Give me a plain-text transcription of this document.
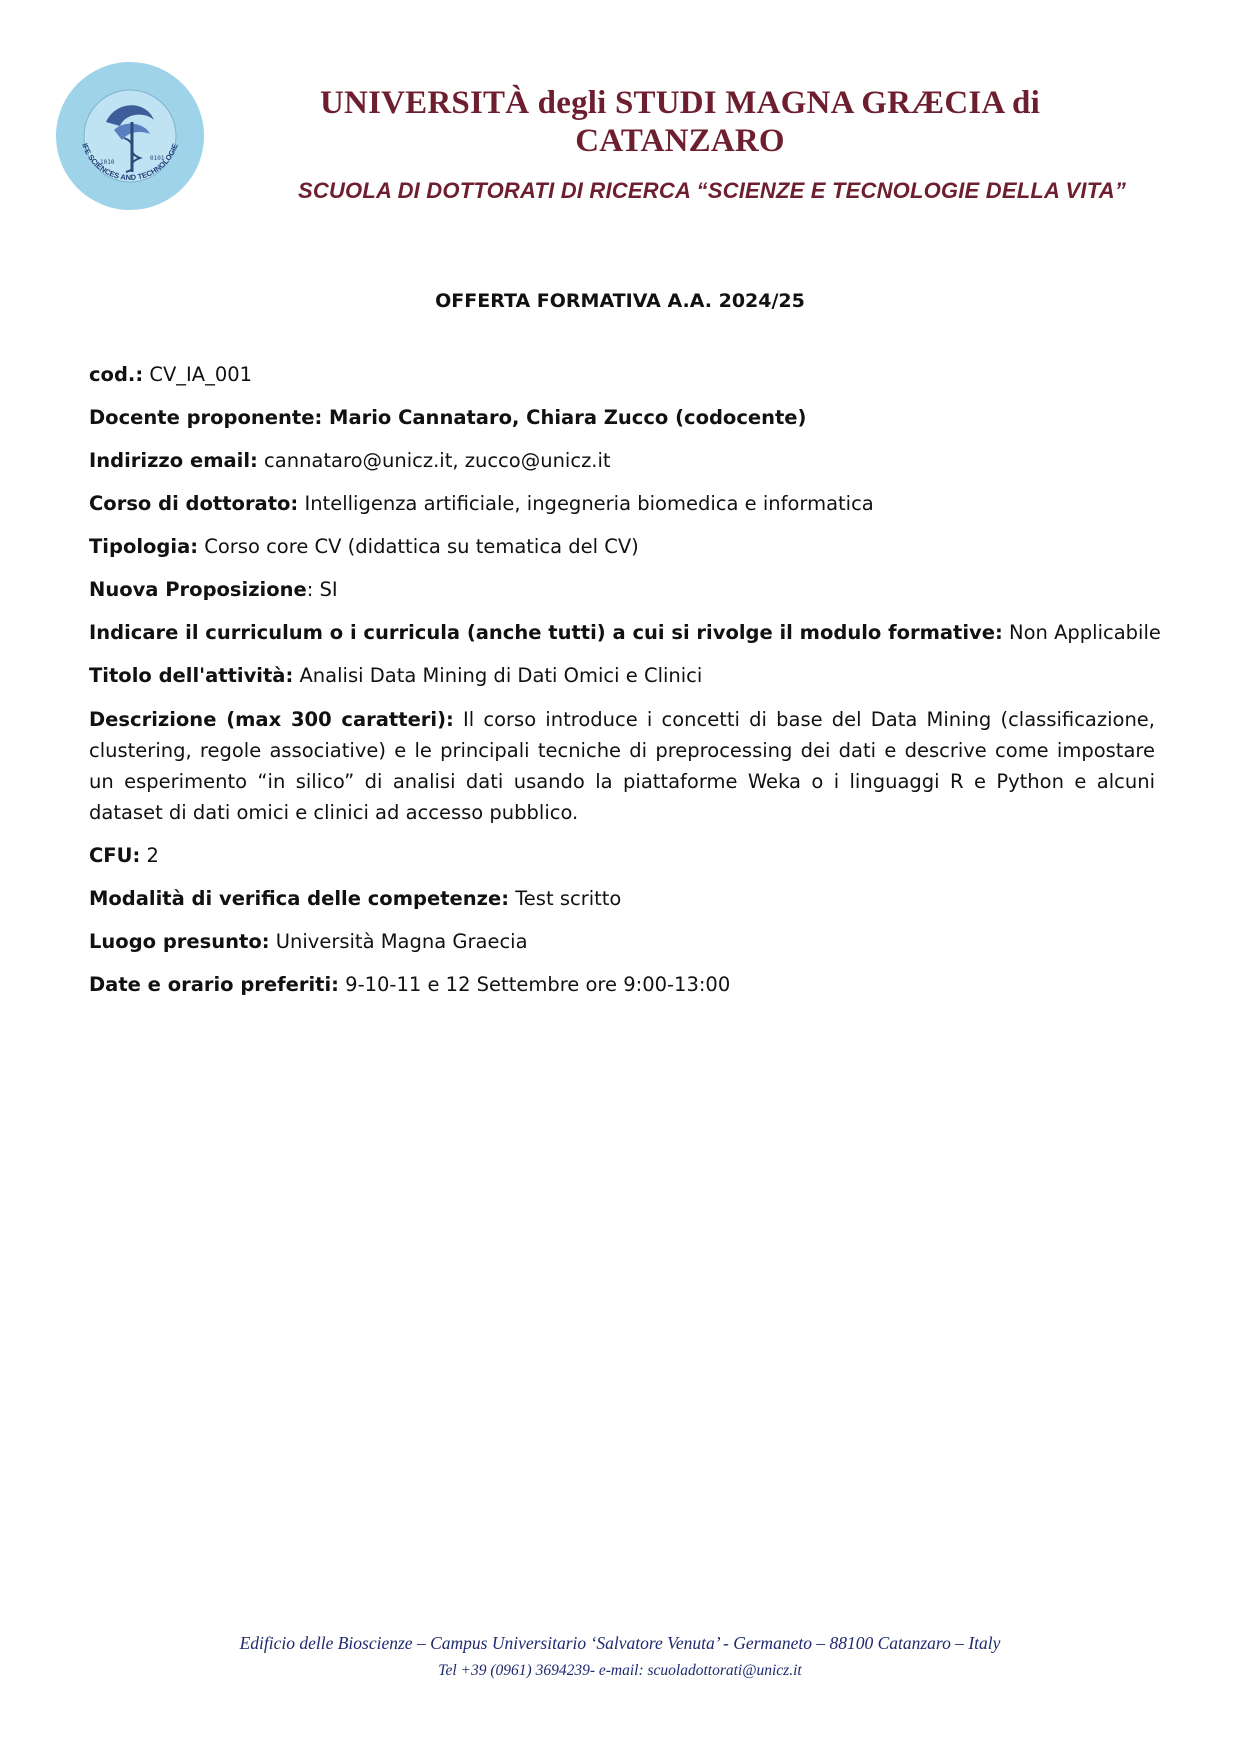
1010
0101
IFE SCIENCES AND TECHNOLOGIE
UNIVERSITÀ degli STUDI MAGNA GRÆCIA di CATANZARO
SCUOLA DI DOTTORATI DI RICERCA “SCIENZE E TECNOLOGIE DELLA VITA”
OFFERTA FORMATIVA A.A. 2024/25
cod.: CV_IA_001
Docente proponente: Mario Cannataro, Chiara Zucco (codocente)
Indirizzo email: cannataro@unicz.it, zucco@unicz.it
Corso di dottorato: Intelligenza artificiale, ingegneria biomedica e informatica
Tipologia: Corso core CV (didattica su tematica del CV)
Nuova Proposizione: SI
Indicare il curriculum o i curricula (anche tutti) a cui si rivolge il modulo formative: Non Applicabile
Titolo dell'attività: Analisi Data Mining di Dati Omici e Clinici
Descrizione (max 300 caratteri): Il corso introduce i concetti di base del Data Mining (classificazione, clustering, regole associative) e le principali tecniche di preprocessing dei dati e descrive come impostare un esperimento “in silico” di analisi dati usando la piattaforme Weka o i linguaggi R e Python e alcuni dataset di dati omici e clinici ad accesso pubblico.
CFU: 2
Modalità di verifica delle competenze: Test scritto
Luogo presunto: Università Magna Graecia
Date e orario preferiti: 9-10-11 e 12 Settembre ore 9:00-13:00
Edificio delle Bioscienze – Campus Universitario ‘Salvatore Venuta’ - Germaneto – 88100 Catanzaro – Italy
Tel +39 (0961) 3694239- e-mail: scuoladottorati@unicz.it
